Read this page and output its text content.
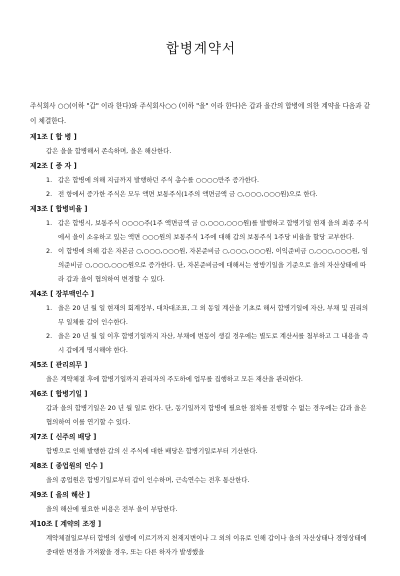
합병계약서

주식회사 ○○(이하 "갑" 이라 한다)와 주식회사○○ (이하 "을" 이라 한다)은 갑과 을간의 합병에 의한 계약을 다음과 같이 체결한다.

제1조 [ 합 병 ]
갑은 을을 합병해서 존속하며, 을은 해산한다.
제2조 [ 증 자 ]
1. 갑은 합병에 의해 지급까지 발행하던 주식 총수를 ○○○○만주 증가한다.
2. 전 항에서 증가한 주식은 모두 액면 보통주식(1주의 액면금액 금 ○,○○○,○○○원)으로 한다.
제3조 [ 합병비율 ]
1. 갑은 합병시, 보통주식 ○○○○주(1주 액면금액 금 ○,○○○,○○○원)를 발행하고 합병기일 현재 을의 최종 주식에서 을이 소유하고 있는 액면 ○○○원의 보통주식 1주에 대해 갑의 보통주식 1주당 비율을 할당 교부한다.
2. 이 합병에 의해 갑은 자본금 ○,○○○,○○○원, 자본준비금 ○,○○○,○○○원, 이익준비금 ○,○○○,○○○원, 임의준비금 ○,○○○,○○○원으로 증가한다. 단, 자본준비금에 대해서는 쌍방기일을 기준으로 을의 자산상태에 따라 갑과 을이 협의하여 변경할 수 있다.
제4조 [ 장부맥인수 ]
1. 을은 20 년 월 일 현재의 회계장부, 대차대조표, 그 외 동일 계산을 기초로 해서 합병기일에 자산, 부채 및 권리의무 일체를 갑이 인수한다.
2. 을은 20 년 월 일 이후 합병기일까지 자산, 부채에 변동이 생길 경우에는 별도로 계산서를 첨부하고 그 내용을 즉시 갑에게 명시해야 한다.
제5조 [ 관리의무 ]
을은 계약체결 후에 합병기일까지 관리자의 주도하에 업무를 집행하고 모든 재산을 관리한다.
제6조 [ 합병기일 ]
갑과 을의 합병기일은 20 년 월 일로 한다. 단, 동기일까지 합병에 필요한 절차를 진행할 수 없는 경우에는 갑과 을은 협의하여 이를 연기할 수 있다.
제7조 [ 신주의 배당 ]
합병으로 인해 발행한 갑의 신 주식에 대한 배당은 합병기일로부터 기산한다.
제8조 [ 종업원의 인수 ]
을의 종업원은 합병기일로부터 갑이 인수하며, 근속연수는 전후 통산한다.
제9조 [ 을의 해산 ]
을의 해산에 필요한 비용은 전부 을이 부담한다.
제10조 [ 계약의 조정 ]
계약체결일로부터 합병의 실행에 이르기까지 천재지변이나 그 외의 이유로 인해 갑이나 을의 자산상태나 경영상태에 중대한 변경을 가져왔을 경우, 또는 다른 하자가 발생했을
